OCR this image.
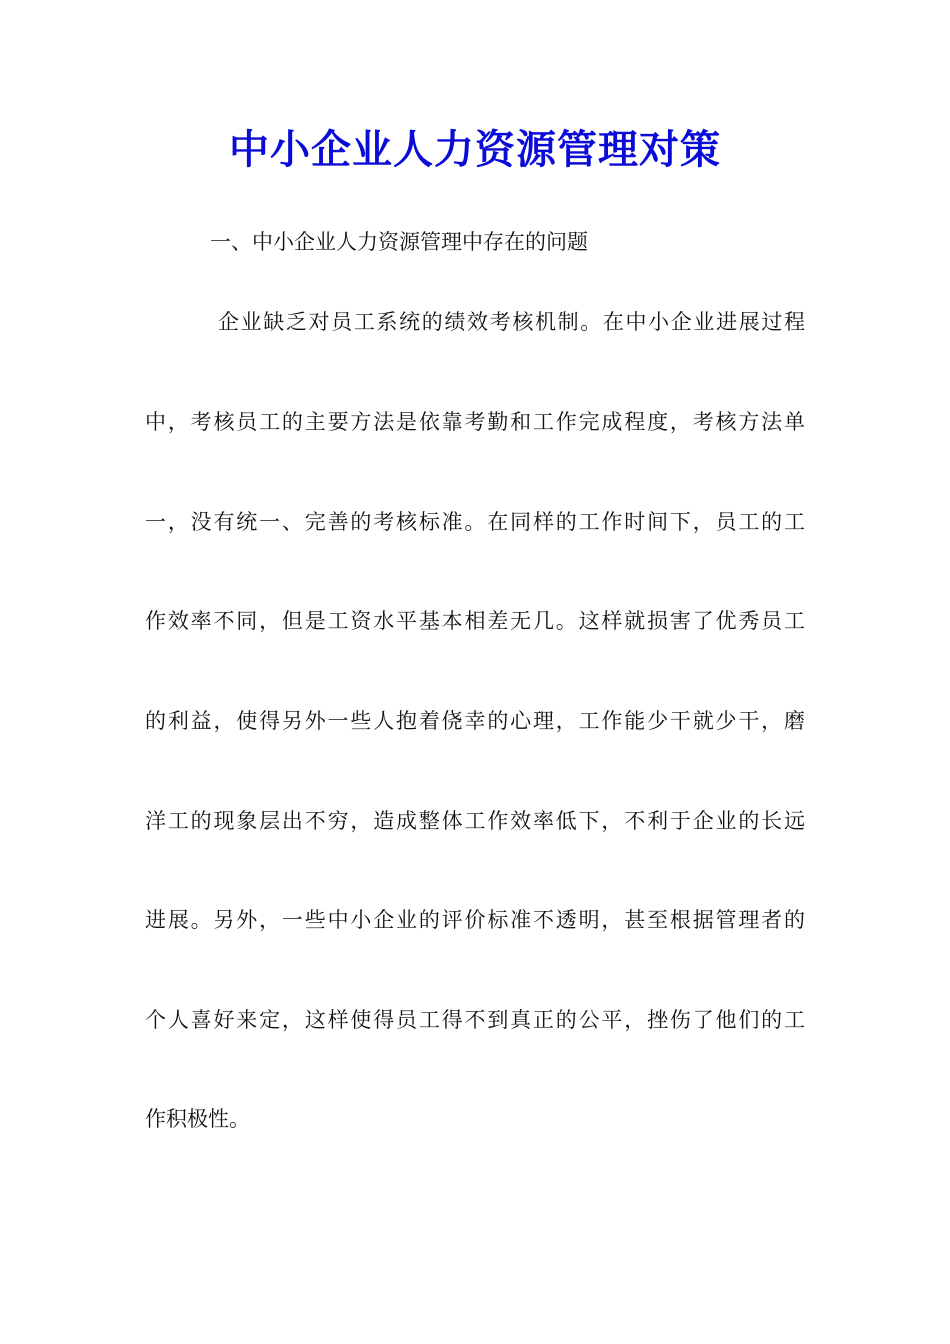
中小企业人力资源管理对策
一、中小企业人力资源管理中存在的问题
企业缺乏对员工系统的绩效考核机制。在中小企业进展过程
中，考核员工的主要方法是依靠考勤和工作完成程度，考核方法单
一，没有统一、完善的考核标准。在同样的工作时间下，员工的工
作效率不同，但是工资水平基本相差无几。这样就损害了优秀员工
的利益，使得另外一些人抱着侥幸的心理，工作能少干就少干，磨
洋工的现象层出不穷，造成整体工作效率低下，不利于企业的长远
进展。另外，一些中小企业的评价标准不透明，甚至根据管理者的
个人喜好来定，这样使得员工得不到真正的公平，挫伤了他们的工
作积极性。
